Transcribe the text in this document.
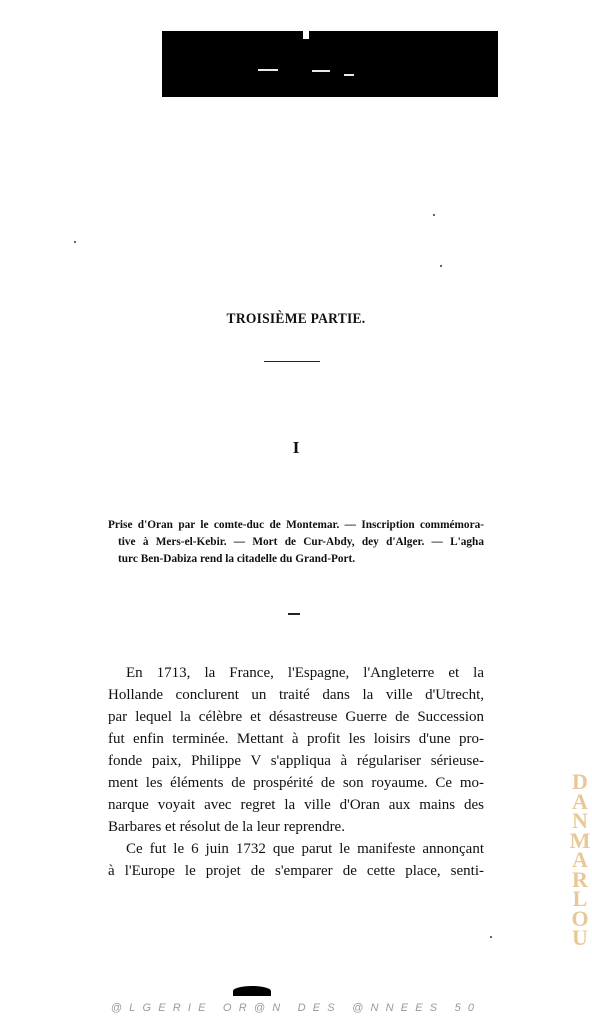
TROISIÈME PARTIE.
I
Prise d'Oran par le comte-duc de Montemar. — Inscription commémora-
tive à Mers-el-Kebir. — Mort de Cur-Abdy, dey d'Alger. — L'agha
turc Ben-Dabiza rend la citadelle du Grand-Port.
En 1713, la France, l'Espagne, l'Angleterre et la
Hollande conclurent un traité dans la ville d'Utrecht,
par lequel la célèbre et désastreuse Guerre de Succession
fut enfin terminée. Mettant à profit les loisirs d'une pro-
fonde paix, Philippe V s'appliqua à régulariser sérieuse-
ment les éléments de prospérité de son royaume. Ce mo-
narque voyait avec regret la ville d'Oran aux mains des
Barbares et résolut de la leur reprendre.
Ce fut le 6 juin 1732 que parut le manifeste annonçant
à l'Europe le projet de s'emparer de cette place, senti-
D
A
N
M
A
R
L
O
U
@LGERIE OR@N DES @NNEES 50
